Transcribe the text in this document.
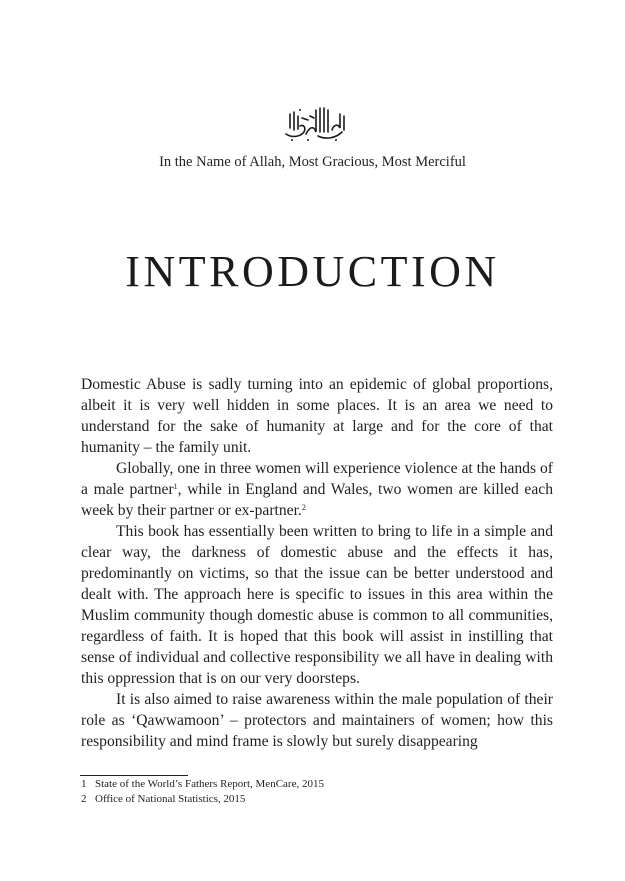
In the Name of Allah, Most Gracious, Most Merciful
INTRODUCTION

Domestic Abuse is sadly turning into an epidemic of global proportions, albeit it is very well hidden in some places. It is an area we need to understand for the sake of humanity at large and for the core of that humanity – the family unit.

Globally, one in three women will experience violence at the hands of a male partner$^1$, while in England and Wales, two women are killed each week by their partner or ex-partner.$^2$

This book has essentially been written to bring to life in a simple and clear way, the darkness of domestic abuse and the effects it has, predominantly on victims, so that the issue can be better understood and dealt with. The approach here is specific to issues in this area within the Muslim community though domestic abuse is common to all communities, regardless of faith. It is hoped that this book will assist in instilling that sense of individual and collective responsibility we all have in dealing with this oppression that is on our very doorsteps.

It is also aimed to raise awareness within the male population of their role as ‘Qawwamoon’ – protectors and maintainers of women; how this responsibility and mind frame is slowly but surely disappearing

1 State of the World’s Fathers Report, MenCare, 2015
2 Office of National Statistics, 2015
